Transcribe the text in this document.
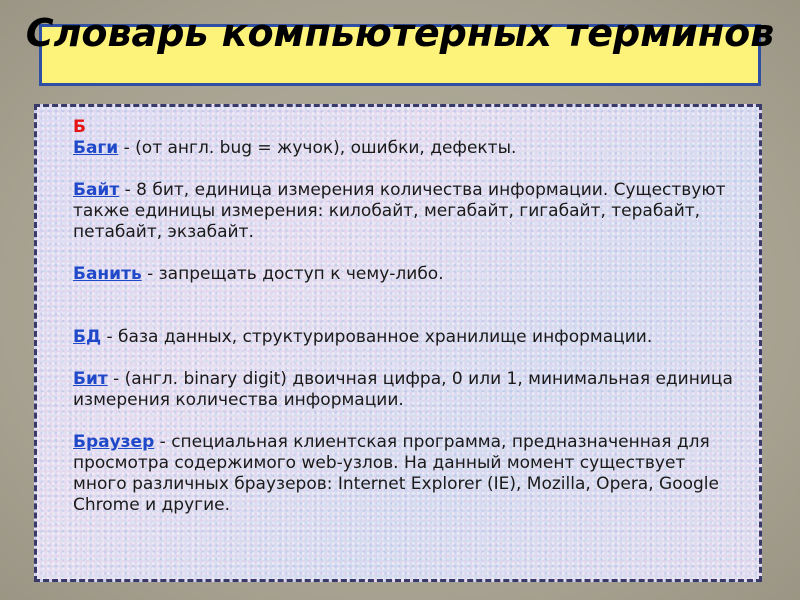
Словарь компьютерных терминов

Б

Баги - (от англ. bug = жучок), ошибки, дефекты.

Байт - 8 бит, единица измерения количества информации. Существуют также единицы измерения: килобайт, мегабайт, гигабайт, терабайт, петабайт, экзабайт.

Банить - запрещать доступ к чему-либо.

БД - база данных, структурированное хранилище информации.

Бит - (англ. binary digit) двоичная цифра, 0 или 1, минимальная единица измерения количества информации.

Браузер - специальная клиентская программа, предназначенная для просмотра содержимого web-узлов. На данный момент существует много различных браузеров: Internet Explorer (IE), Mozilla, Opera, Google Chrome и другие.
